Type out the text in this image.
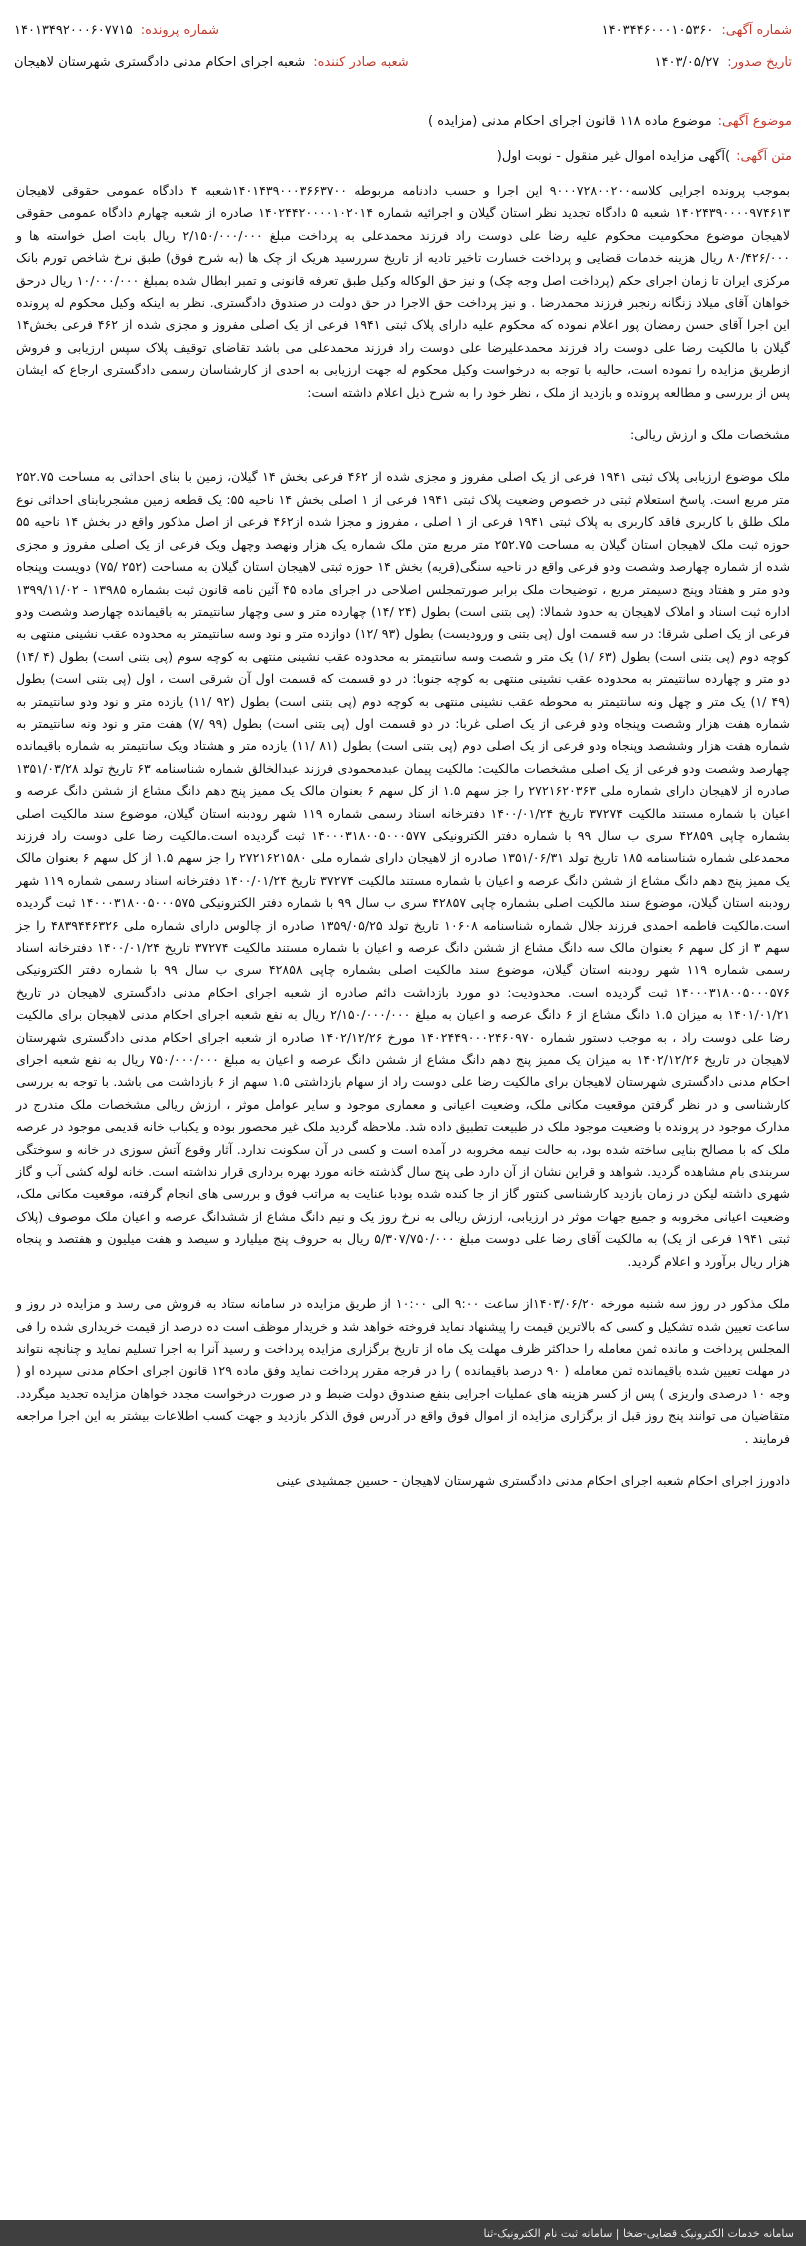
شماره آگهی:
۱۴۰۳۴۴۶۰۰۰۱۰۵۳۶۰
شماره پرونده:
۱۴۰۱۳۴۹۲۰۰۰۶۰۷۷۱۵
تاریخ صدور:
۱۴۰۳/۰۵/۲۷
شعبه صادر کننده:
شعبه اجرای احکام مدنی دادگستری شهرستان لاهیجان
موضوع آگهی:
موضوع ماده ۱۱۸ قانون اجرای احکام مدنی (مزایده )
متن آگهی:
)آگهی مزایده اموال غیر منقول - نوبت اول(

بموجب پرونده اجرایی کلاسه۹۰۰۰۷۲۸۰۰۲۰۰ این اجرا و حسب دادنامه مربوطه ۱۴۰۱۴۳۹۰۰۰۳۶۶۳۷۰۰شعبه ۴ دادگاه عمومی حقوقی لاهیجان ۱۴۰۲۴۳۹۰۰۰۰۹۷۴۶۱۳ شعبه ۵ دادگاه تجدید نظر استان گیلان و اجرائیه شماره ۱۴۰۲۴۴۲۰۰۰۰۱۰۲۰۱۴ صادره از شعبه چهارم دادگاه عمومی حقوقی لاهیجان موضوع محکومیت محکوم علیه رضا علی دوست راد فرزند محمدعلی به پرداخت مبلغ ۲/۱۵۰/۰۰۰/۰۰۰ ریال بابت اصل خواسته ها و ۸۰/۴۲۶/۰۰۰ ریال هزینه خدمات قضایی و پرداخت خسارت تاخیر تادیه از تاریخ سررسید هریک از چک ها (به شرح فوق) طبق نرخ شاخص تورم بانک مرکزی ایران تا زمان اجرای حکم (پرداخت اصل وجه چک) و نیز حق الوکاله وکیل طبق تعرفه قانونی و تمبر ابطال شده بمبلغ ۱۰/۰۰۰/۰۰۰ ریال درحق خواهان آقای میلاد زنگانه رنجبر فرزند محمدرضا . و نیز پرداخت حق الاجرا در حق دولت در صندوق دادگستری. نظر به اینکه وکیل محکوم له پرونده این اجرا آقای حسن رمضان پور اعلام نموده که محکوم علیه دارای پلاک ثبتی ۱۹۴۱ فرعی از یک اصلی مفروز و مجزی شده از ۴۶۲ فرعی بخش۱۴ گیلان با مالکیت رضا علی دوست راد فرزند محمدعلیرضا علی دوست راد فرزند محمدعلی می باشد تقاضای توقیف پلاک سپس ارزیابی و فروش ازطریق مزایده را نموده است، حالیه با توجه به درخواست وکیل محکوم له جهت ارزیابی به احدی از کارشناسان رسمی دادگستری ارجاع که ایشان پس از بررسی و مطالعه پرونده و بازدید از ملک ، نظر خود را به شرح ذیل اعلام داشته است:

مشخصات ملک و ارزش ریالی:

ملک موضوع ارزیابی پلاک ثبتی ۱۹۴۱ فرعی از یک اصلی مفروز و مجزی شده از ۴۶۲ فرعی بخش ۱۴ گیلان، زمین با بنای احداثی به مساحت ۲۵۲.۷۵ متر مربع است. پاسخ استعلام ثبتی در خصوص وضعیت پلاک ثبتی ۱۹۴۱ فرعی از ۱ اصلی بخش ۱۴ ناحیه ۵۵: یک قطعه زمین مشجربابنای احداثی نوع ملک طلق با کاربری فاقد کاربری به پلاک ثبتی ۱۹۴۱ فرعی از ۱ اصلی ، مفروز و مجزا شده از۴۶۲ فرعی از اصل مذکور واقع در بخش ۱۴ ناحیه ۵۵ حوزه ثبت ملک لاهیجان استان گیلان به مساحت ۲۵۲.۷۵ متر مربع متن ملک شماره یک هزار ونهصد وچهل ویک فرعی از یک اصلی مفروز و مجزی شده از شماره چهارصد وشصت ودو فرعی واقع در ناحیه سنگی(قریه) بخش ۱۴ حوزه ثبتی لاهیجان استان گیلان به مساحت (۲۵۲ /۷۵) دویست وپنجاه ودو متر و هفتاد وپنج دسیمتر مربع ، توضیحات ملک برابر صورتمجلس اصلاحی در اجرای ماده ۴۵ آئین نامه قانون ثبت بشماره ۱۳۹۸۵ - ۱۳۹۹/۱۱/۰۲ اداره ثبت اسناد و املاک لاهیجان به حدود شمالا: (پی بتنی است) بطول (۲۴ /۱۴) چهارده متر و سی وچهار سانتیمتر به باقیمانده چهارصد وشصت ودو فرعی از یک اصلی شرقا: در سه قسمت اول (پی بتنی و ورودیست) بطول (۹۳ /۱۲) دوازده متر و نود وسه سانتیمتر به محدوده عقب نشینی منتهی به کوچه دوم (پی بتنی است) بطول (۶۳ /۱) یک متر و شصت وسه سانتیمتر به محدوده عقب نشینی منتهی به کوچه سوم (پی بتنی است) بطول (۴ /۱۴) دو متر و چهارده سانتیمتر به محدوده عقب نشینی منتهی به کوچه جنوبا: در دو قسمت که قسمت اول آن شرقی است ، اول (پی بتنی است) بطول (۴۹ /۱) یک متر و چهل ونه سانتیمتر به محوطه عقب نشینی منتهی به کوچه دوم (پی بتنی است) بطول (۹۲ /۱۱) یازده متر و نود ودو سانتیمتر به شماره هفت هزار وشصت وپنجاه ودو فرعی از یک اصلی غربا: در دو قسمت اول (پی بتنی است) بطول (۹۹ /۷) هفت متر و نود ونه سانتیمتر به شماره هفت هزار وششصد وپنجاه ودو فرعی از یک اصلی دوم (پی بتنی است) بطول (۸۱ /۱۱) یازده متر و هشتاد ویک سانتیمتر به شماره باقیمانده چهارصد وشصت ودو فرعی از یک اصلی مشخصات مالکیت: مالکیت پیمان عبدمحمودی فرزند عبدالخالق شماره شناسنامه ۶۳ تاریخ تولد ۱۳۵۱/۰۳/۲۸ صادره از لاهیجان دارای شماره ملی ۲۷۲۱۶۲۰۳۶۳ را جز سهم ۱.۵ از کل سهم ۶ بعنوان مالک یک ممیز پنج دهم دانگ مشاع از ششن دانگ عرصه و اعیان با شماره مستند مالکیت ۳۷۲۷۴ تاریخ ۱۴۰۰/۰۱/۲۴ دفترخانه اسناد رسمی شماره ۱۱۹ شهر رودبنه استان گیلان، موضوع سند مالکیت اصلی بشماره چاپی ۴۲۸۵۹ سری ب سال ۹۹ با شماره دفتر الکترونیکی ۱۴۰۰۰۳۱۸۰۰۵۰۰۰۵۷۷ ثبت گردیده است.مالکیت رضا علی دوست راد فرزند محمدعلی شماره شناسنامه ۱۸۵ تاریخ تولد ۱۳۵۱/۰۶/۳۱ صادره از لاهیجان دارای شماره ملی ۲۷۲۱۶۲۱۵۸۰ را جز سهم ۱.۵ از کل سهم ۶ بعنوان مالک یک ممیز پنج دهم دانگ مشاع از ششن دانگ عرصه و اعیان با شماره مستند مالکیت ۳۷۲۷۴ تاریخ ۱۴۰۰/۰۱/۲۴ دفترخانه اسناد رسمی شماره ۱۱۹ شهر رودبنه استان گیلان، موضوع سند مالکیت اصلی بشماره چاپی ۴۲۸۵۷ سری ب سال ۹۹ با شماره دفتر الکترونیکی ۱۴۰۰۰۳۱۸۰۰۵۰۰۰۵۷۵ ثبت گردیده است.مالکیت فاطمه احمدی فرزند جلال شماره شناسنامه ۱۰۶۰۸ تاریخ تولد ۱۳۵۹/۰۵/۲۵ صادره از چالوس دارای شماره ملی ۴۸۳۹۴۴۶۳۲۶ را جز سهم ۳ از کل سهم ۶ بعنوان مالک سه دانگ مشاع از ششن دانگ عرصه و اعیان با شماره مستند مالکیت ۳۷۲۷۴ تاریخ ۱۴۰۰/۰۱/۲۴ دفترخانه اسناد رسمی شماره ۱۱۹ شهر رودبنه استان گیلان، موضوع سند مالکیت اصلی بشماره چاپی ۴۲۸۵۸ سری ب سال ۹۹ با شماره دفتر الکترونیکی ۱۴۰۰۰۳۱۸۰۰۵۰۰۰۵۷۶ ثبت گردیده است. محدودیت: دو مورد بازداشت دائم صادره از شعبه اجرای احکام مدنی دادگستری لاهیجان در تاریخ ۱۴۰۱/۰۱/۲۱ به میزان ۱.۵ دانگ مشاع از ۶ دانگ عرصه و اعیان به مبلغ ۲/۱۵۰/۰۰۰/۰۰۰ ریال به نفع شعبه اجرای احکام مدنی لاهیجان برای مالکیت رضا علی دوست راد ، به موجب دستور شماره ۱۴۰۲۴۴۹۰۰۰۲۴۶۰۹۷۰ مورخ ۱۴۰۲/۱۲/۲۶ صادره از شعبه اجرای احکام مدنی دادگستری شهرستان لاهیجان در تاریخ ۱۴۰۲/۱۲/۲۶ به میزان یک ممیز پنج دهم دانگ مشاع از ششن دانگ عرصه و اعیان به مبلغ ۷۵۰/۰۰۰/۰۰۰ ریال به نفع شعبه اجرای احکام مدنی دادگستری شهرستان لاهیجان برای مالکیت رضا علی دوست راد از سهام بازداشتی ۱.۵ سهم از ۶ بازداشت می باشد. با توجه به بررسی کارشناسی و در نظر گرفتن موقعیت مکانی ملک، وضعیت اعیانی و معماری موجود و سایر عوامل موثر ، ارزش ریالی مشخصات ملک مندرج در مدارک موجود در پرونده با وضعیت موجود ملک در طبیعت تطبیق داده شد. ملاحظه گردید ملک غیر محصور بوده و یکباب خانه قدیمی موجود در عرصه ملک که با مصالح بنایی ساخته شده بود، به حالت نیمه مخروبه در آمده است و کسی در آن سکونت ندارد. آثار وقوع آتش سوزی در خانه و سوختگی سربندی بام مشاهده گردید. شواهد و قراین نشان از آن دارد طی پنج سال گذشته خانه مورد بهره برداری قرار نداشته است. خانه لوله کشی آب و گاز شهری داشته لیکن در زمان بازدید کارشناسی کنتور گاز از جا کنده شده بودبا عنایت به مراتب فوق و بررسی های انجام گرفته، موقعیت مکانی ملک، وضعیت اعیانی مخروبه و جمیع جهات موثر در ارزیابی، ارزش ریالی به نرخ روز یک و نیم دانگ مشاع از ششدانگ عرصه و اعیان ملک موصوف (پلاک ثبتی ۱۹۴۱ فرعی از یک) به مالکیت آقای رضا علی دوست مبلغ ۵/۳۰۷/۷۵۰/۰۰۰ ریال به حروف پنج میلیارد و سیصد و هفت میلیون و هفتصد و پنجاه هزار ریال برآورد و اعلام گردید.

ملک مذکور در روز سه شنبه مورخه ۱۴۰۳/۰۶/۲۰از ساعت ۹:۰۰ الی ۱۰:۰۰ از طریق مزایده در سامانه ستاد به فروش می رسد و مزایده در روز و ساعت تعیین شده تشکیل و کسی که بالاترین قیمت را پیشنهاد نماید فروخته خواهد شد و خریدار موظف است ده درصد از قیمت خریداری شده را فی المجلس پرداخت و مانده ثمن معامله را حداکثر ظرف مهلت یک ماه از تاریخ برگزاری مزایده پرداخت و رسید آنرا به اجرا تسلیم نماید و چنانچه نتواند در مهلت تعیین شده باقیمانده ثمن معامله ( ۹۰ درصد باقیمانده ) را در فرجه مقرر پرداخت نماید وفق ماده ۱۲۹ قانون اجرای احکام مدنی سپرده او ( وجه ۱۰ درصدی واریزی ) پس از کسر هزینه های عملیات اجرایی بنفع صندوق دولت ضبط و در صورت درخواست مجدد خواهان مزایده تجدید میگردد. متقاضیان می توانند پنج روز قبل از برگزاری مزایده از اموال فوق واقع در آدرس فوق الذکر بازدید و جهت کسب اطلاعات بیشتر به این اجرا مراجعه فرمایند .

دادورز اجرای احکام شعبه اجرای احکام مدنی دادگستری شهرستان لاهیجان - حسین جمشیدی عینی

سامانه خدمات الکترونیک قضایی-ضخا | سامانه ثبت نام الکترونیک-ثنا
